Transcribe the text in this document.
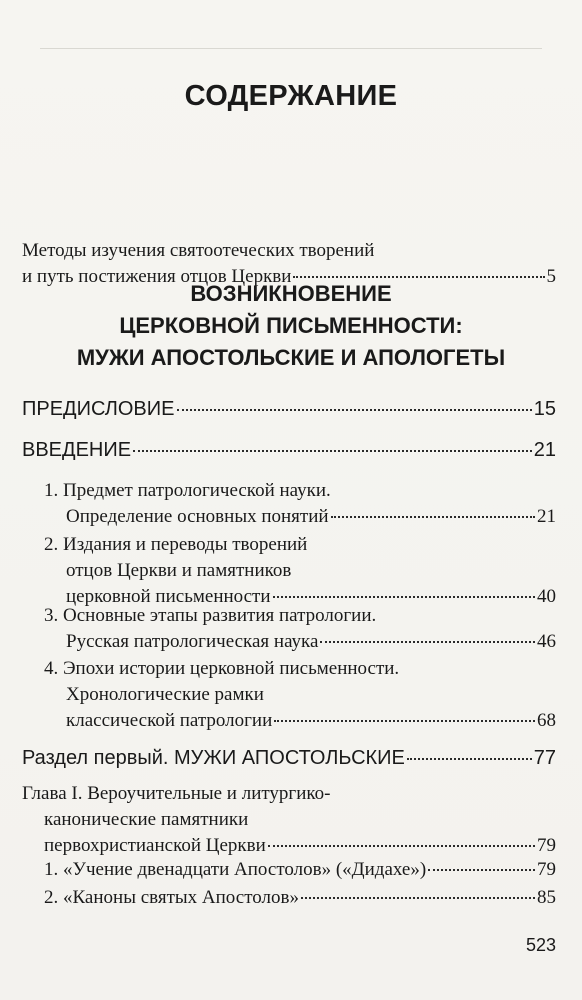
СОДЕРЖАНИЕ
Методы изучения святоотеческих творений
и путь постижения отцов Церкви	5
ВОЗНИКНОВЕНИЕ
ЦЕРКОВНОЙ ПИСЬМЕННОСТИ:
МУЖИ АПОСТОЛЬСКИЕ И АПОЛОГЕТЫ
ПРЕДИСЛОВИЕ	15
ВВЕДЕНИЕ	21
1. Предмет патрологической науки.
Определение основных понятий	21
2. Издания и переводы творений
отцов Церкви и памятников
церковной письменности	40
3. Основные этапы развития патрологии.
Русская патрологическая наука	46
4. Эпохи истории церковной письменности.
Хронологические рамки
классической патрологии	68
Раздел первый. МУЖИ АПОСТОЛЬСКИЕ	77
Глава I. Вероучительные и литургико-
канонические памятники
первохристианской Церкви	79
1. «Учение двенадцати Апостолов» («Дидахе»)	79
2. «Каноны святых Апостолов»	85
523
